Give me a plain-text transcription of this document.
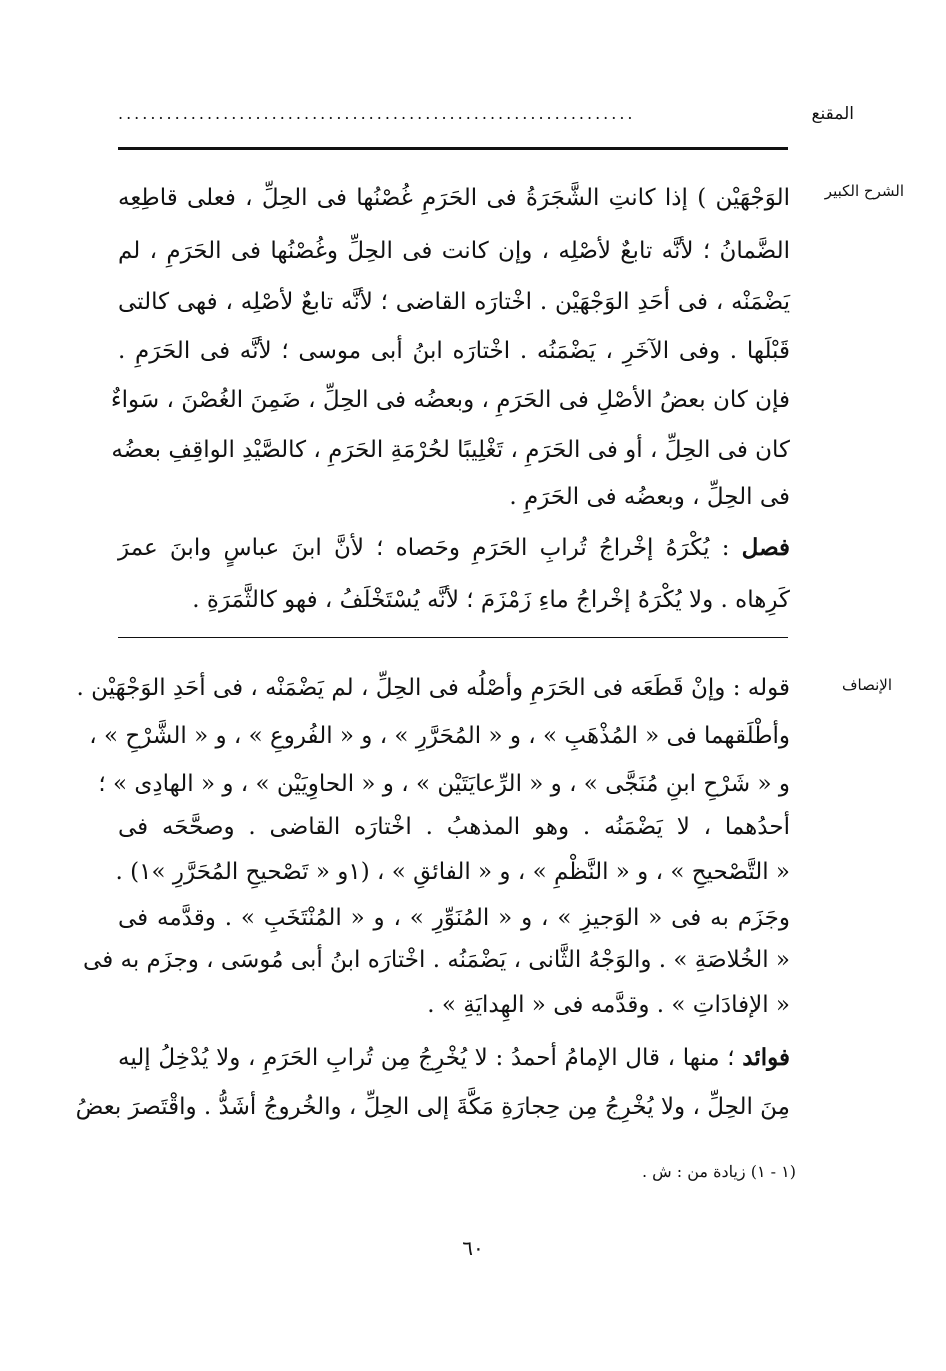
المقنع
................................................................
الشرح الكبير
الإنصاف
الوَجْهَيْن ) إذا كانتِ الشَّجَرَةُ فى الحَرَمِ غُصْنُها فى الحِلِّ ، فعلى قاطِعِه
الضَّمانُ ؛ لأنَّه تابعٌ لأصْلِه ، وإن كانت فى الحِلِّ وغُصْنُها فى الحَرَمِ ، لم
يَضْمَنْه ، فى أحَدِ الوَجْهَيْن . اخْتارَه القاضى ؛ لأنَّه تابعٌ لأصْلِه ، فهى كالتى
قَبْلَها . وفى الآخَرِ ، يَضْمَنُه . اخْتارَه ابنُ أبى موسى ؛ لأنَّه فى الحَرَمِ .
فإن كان بعضُ الأصْلِ فى الحَرَمِ ، وبعضُه فى الحِلِّ ، ضَمِنَ الغُصْنَ ، سَواءٌ
كان فى الحِلِّ ، أو فى الحَرَمِ ، تَغْلِيبًا لحُرْمَةِ الحَرَمِ ، كالصَّيْدِ الواقِفِ بعضُه
فى الحِلِّ ، وبعضُه فى الحَرَمِ .
فصل : يُكْرَهُ إخْراجُ تُرابِ الحَرَمِ وحَصاه ؛ لأنَّ ابنَ عباسٍ وابنَ عمرَ
كَرِهاه . ولا يُكْرَهُ إخْراجُ ماءِ زَمْزَمَ ؛ لأنَّه يُسْتَخْلَفُ ، فهو كالثَّمَرَةِ .
قوله : وإنْ قَطَعَه فى الحَرَمِ وأصْلُه فى الحِلِّ ، لم يَضْمَنْه ، فى أحَدِ الوَجْهَيْن .
وأطْلَقهما فى « المُذْهَبِ » ، و « المُحَرَّرِ » ، و « الفُروعِ » ، و « الشَّرْحِ » ،
و « شَرْحِ ابنِ مُنَجَّى » ، و « الرِّعايَتَيْن » ، و « الحاوِيَيْن » ، و « الهادِى » ؛
أحدُهما ، لا يَضْمَنُه . وهو المذهبُ . اخْتارَه القاضى . وصحَّحَه فى
« التَّصْحيحِ » ، و « النَّظْمِ » ، و « الفائقِ » ، (١و « تَصْحيحِ المُحَرَّرِ »١) .
وجَزَم به فى « الوَجيزِ » ، و « المُنَوِّرِ » ، و « المُنْتَخَبِ » . وقدَّمه فى
« الخُلاصَةِ » . والوَجْهُ الثَّانى ، يَضْمَنُه . اخْتارَه ابنُ أبى مُوسَى ، وجزَم به فى
« الإفادَاتِ » . وقدَّمه فى « الهِدايَةِ » .
فوائد ؛ منها ، قال الإمامُ أحمدُ : لا يُخْرِجُ مِن تُرابِ الحَرَمِ ، ولا يُدْخِلُ إليه
مِنَ الحِلِّ ، ولا يُخْرِجُ مِن حِجارَةِ مَكَّةَ إلى الحِلِّ ، والخُروجُ أشَدُّ . واقْتَصرَ بعضُ
(١ - ١) زيادة من : ش .
٦٠
